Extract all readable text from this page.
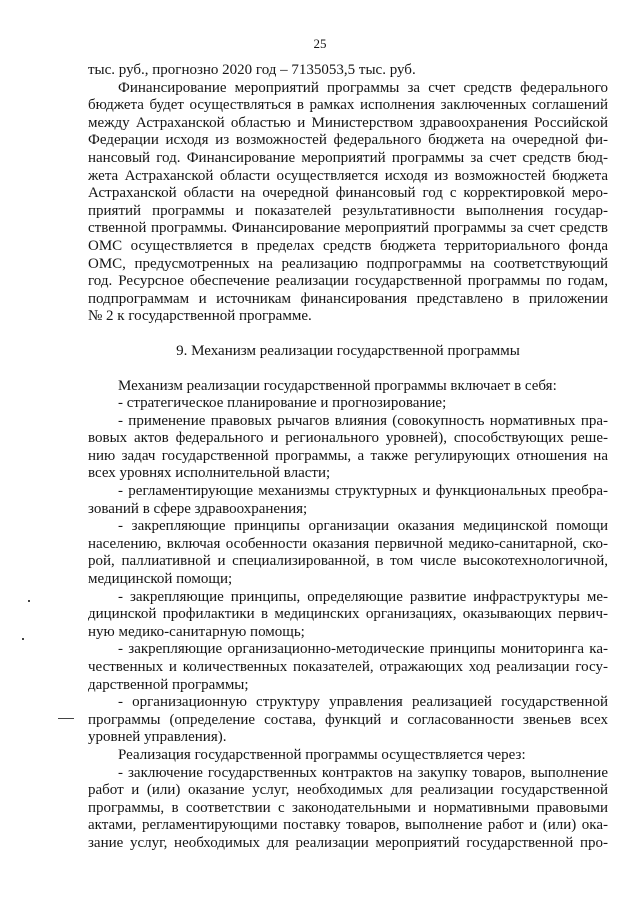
25
тыс. руб., прогнозно 2020 год – 7135053,5 тыс. руб.
Финансирование мероприятий программы за счет средств федерального
бюджета будет осуществляться в рамках исполнения заключенных соглашений
между Астраханской областью и Министерством здравоохранения Российской
Федерации исходя из возможностей федерального бюджета на очередной фи-
нансовый год. Финансирование мероприятий программы за счет средств бюд-
жета Астраханской области осуществляется исходя из возможностей бюджета
Астраханской области на очередной финансовый год с корректировкой меро-
приятий программы и показателей результативности выполнения государ-
ственной программы. Финансирование мероприятий программы за счет средств
ОМС осуществляется в пределах средств бюджета территориального фонда
ОМС, предусмотренных на реализацию подпрограммы на соответствующий
год. Ресурсное обеспечение реализации государственной программы по годам,
подпрограммам и источникам финансирования представлено в приложении
№ 2 к государственной программе.
9. Механизм реализации государственной программы
Механизм реализации государственной программы включает в себя:
- стратегическое планирование и прогнозирование;
- применение правовых рычагов влияния (совокупность нормативных пра-
вовых актов федерального и регионального уровней), способствующих реше-
нию задач государственной программы, а также регулирующих отношения на
всех уровнях исполнительной власти;
- регламентирующие механизмы структурных и функциональных преобра-
зований в сфере здравоохранения;
- закрепляющие принципы организации оказания медицинской помощи
населению, включая особенности оказания первичной медико-санитарной, ско-
рой, паллиативной и специализированной, в том числе высокотехнологичной,
медицинской помощи;
- закрепляющие принципы, определяющие развитие инфраструктуры ме-
дицинской профилактики в медицинских организациях, оказывающих первич-
ную медико-санитарную помощь;
- закрепляющие организационно-методические принципы мониторинга ка-
чественных и количественных показателей, отражающих ход реализации госу-
дарственной программы;
- организационную структуру управления реализацией государственной
программы (определение состава, функций и согласованности звеньев всех
уровней управления).
Реализация государственной программы осуществляется через:
- заключение государственных контрактов на закупку товаров, выполнение
работ и (или) оказание услуг, необходимых для реализации государственной
программы, в соответствии с законодательными и нормативными правовыми
актами, регламентирующими поставку товаров, выполнение работ и (или) ока-
зание услуг, необходимых для реализации мероприятий государственной про-
